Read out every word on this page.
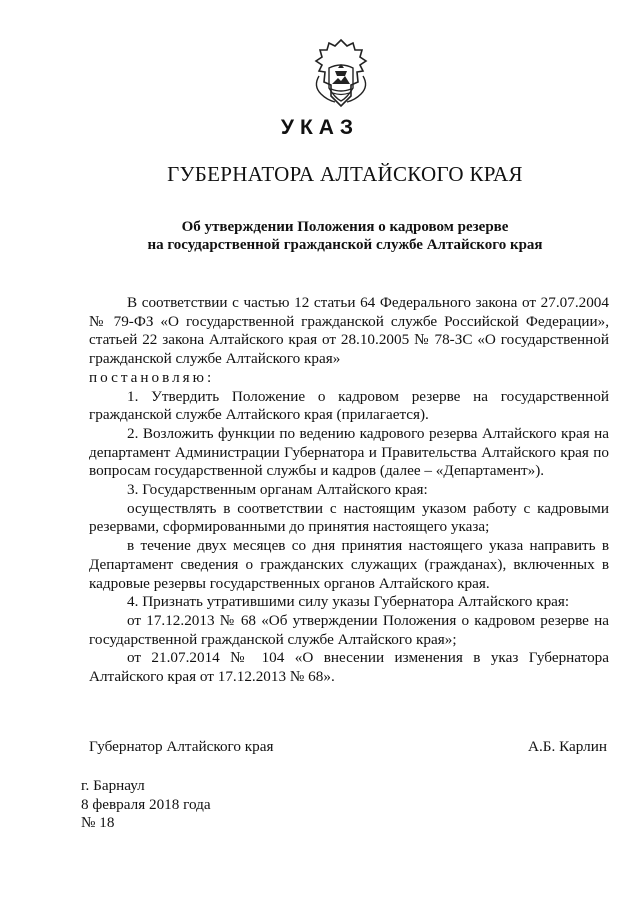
УКАЗ
ГУБЕРНАТОРА АЛТАЙСКОГО КРАЯ
Об утверждении Положения о кадровом резерве
на государственной гражданской службе Алтайского края

В соответствии с частью 12 статьи 64 Федерального закона от 27.07.2004 № 79-ФЗ «О государственной гражданской службе Российской Федерации», статьей 22 закона Алтайского края от 28.10.2005 № 78-ЗС «О государственной гражданской службе Алтайского края»

постановляю:

1. Утвердить Положение о кадровом резерве на государственной гражданской службе Алтайского края (прилагается).

2. Возложить функции по ведению кадрового резерва Алтайского края на департамент Администрации Губернатора и Правительства Алтайского края по вопросам государственной службы и кадров (далее – «Департамент»).

3. Государственным органам Алтайского края:

осуществлять в соответствии с настоящим указом работу с кадровыми резервами, сформированными до принятия настоящего указа;

в течение двух месяцев со дня принятия настоящего указа направить в Департамент сведения о гражданских служащих (гражданах), включенных в кадровые резервы государственных органов Алтайского края.

4. Признать утратившими силу указы Губернатора Алтайского края:

от 17.12.2013 № 68 «Об утверждении Положения о кадровом резерве на государственной гражданской службе Алтайского края»;

от 21.07.2014 № 104 «О внесении изменения в указ Губернатора Алтайского края от 17.12.2013 № 68».

Губернатор Алтайского края	А.Б. Карлин
г. Барнаул
8 февраля 2018 года
№ 18
